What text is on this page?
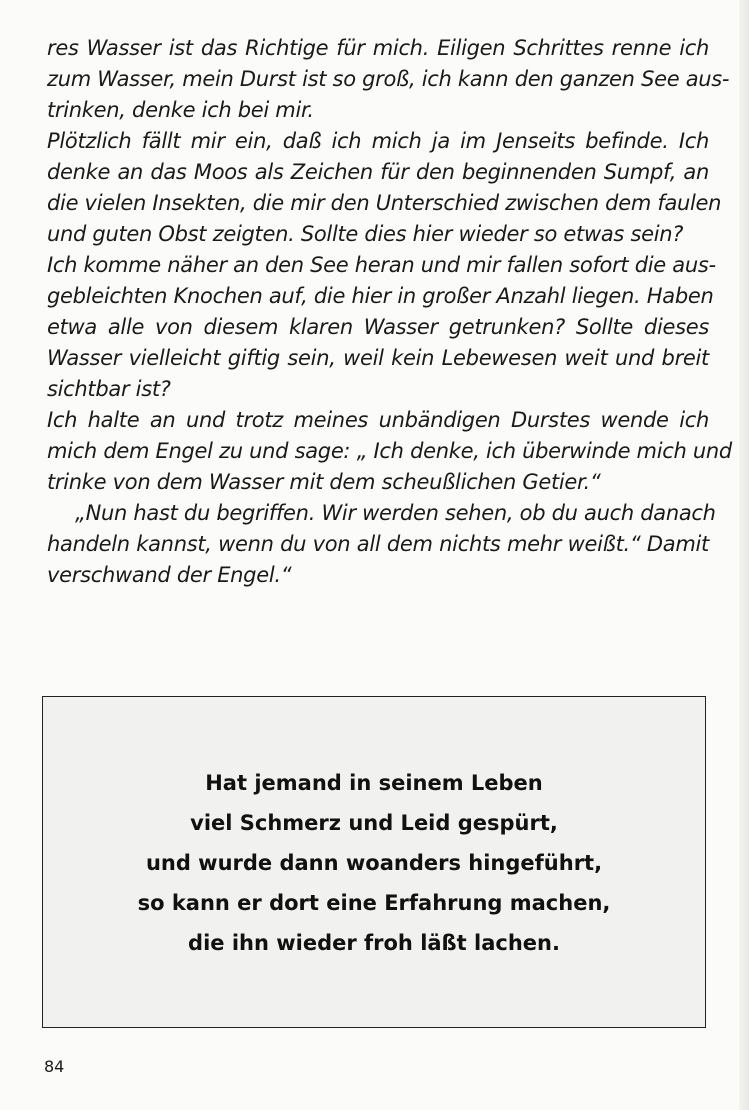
res Wasser ist das Richtige für mich. Eiligen Schrittes renne ich
zum Wasser, mein Durst ist so groß, ich kann den ganzen See aus-
trinken, denke ich bei mir.
Plötzlich fällt mir ein, daß ich mich ja im Jenseits befinde. Ich
denke an das Moos als Zeichen für den beginnenden Sumpf, an
die vielen Insekten, die mir den Unterschied zwischen dem faulen
und guten Obst zeigten. Sollte dies hier wieder so etwas sein?
Ich komme näher an den See heran und mir fallen sofort die aus-
gebleichten Knochen auf, die hier in großer Anzahl liegen. Haben
etwa alle von diesem klaren Wasser getrunken? Sollte dieses
Wasser vielleicht giftig sein, weil kein Lebewesen weit und breit
sichtbar ist?
Ich halte an und trotz meines unbändigen Durstes wende ich
mich dem Engel zu und sage: „ Ich denke, ich überwinde mich und
trinke von dem Wasser mit dem scheußlichen Getier.“
„Nun hast du begriffen. Wir werden sehen, ob du auch danach
handeln kannst, wenn du von all dem nichts mehr weißt.“ Damit
verschwand der Engel.“
Hat jemand in seinem Leben
viel Schmerz und Leid gespürt,
und wurde dann woanders hingeführt,
so kann er dort eine Erfahrung machen,
die ihn wieder froh läßt lachen.
84
